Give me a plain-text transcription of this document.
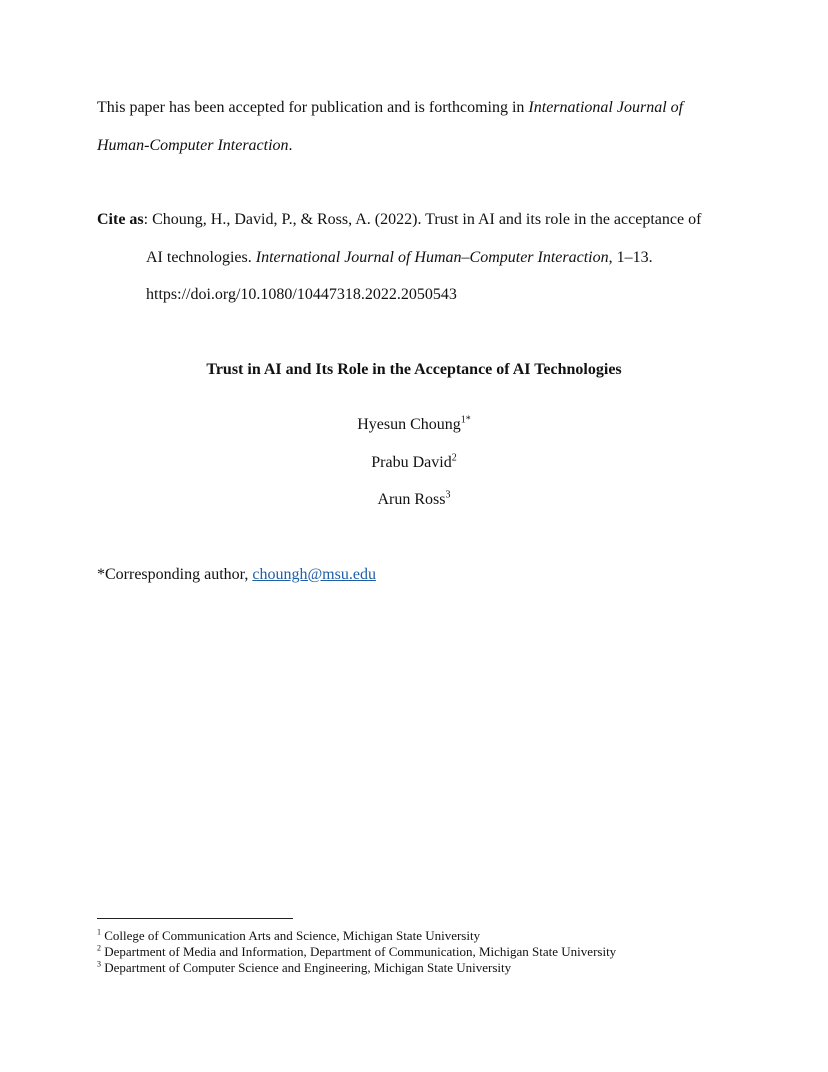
This paper has been accepted for publication and is forthcoming in International Journal of
Human-Computer Interaction.
Cite as: Choung, H., David, P., & Ross, A. (2022). Trust in AI and its role in the acceptance of
AI technologies. International Journal of Human–Computer Interaction, 1–13.
https://doi.org/10.1080/10447318.2022.2050543
Trust in AI and Its Role in the Acceptance of AI Technologies
Hyesun Choung$^{1*}$
Prabu David$^2$
Arun Ross$^3$
*Corresponding author, choungh@msu.edu
$^1$ College of Communication Arts and Science, Michigan State University
$^2$ Department of Media and Information, Department of Communication, Michigan State University
$^3$ Department of Computer Science and Engineering, Michigan State University
